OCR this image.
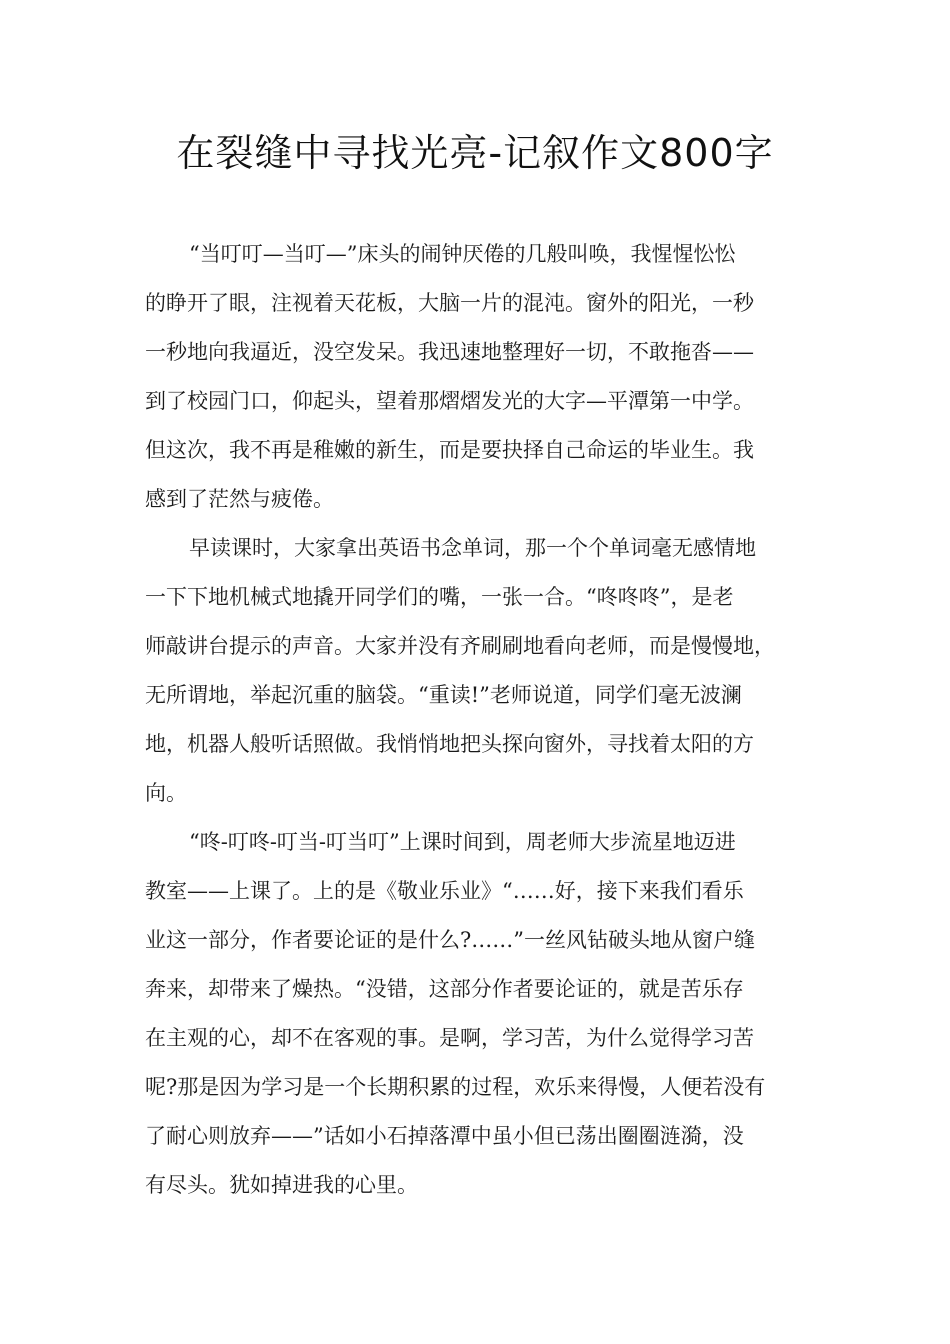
在裂缝中寻找光亮-记叙作文800字
“当叮叮—当叮—”床头的闹钟厌倦的几般叫唤，我惺惺忪忪
的睁开了眼，注视着天花板，大脑一片的混沌。窗外的阳光，一秒
一秒地向我逼近，没空发呆。我迅速地整理好一切，不敢拖沓——
到了校园门口，仰起头，望着那熠熠发光的大字—平潭第一中学。
但这次，我不再是稚嫩的新生，而是要抉择自己命运的毕业生。我
感到了茫然与疲倦。
早读课时，大家拿出英语书念单词，那一个个单词毫无感情地
一下下地机械式地撬开同学们的嘴，一张一合。“咚咚咚”，是老
师敲讲台提示的声音。大家并没有齐刷刷地看向老师，而是慢慢地，
无所谓地，举起沉重的脑袋。“重读!”老师说道，同学们毫无波澜
地，机器人般听话照做。我悄悄地把头探向窗外，寻找着太阳的方
向。
“咚-叮咚-叮当-叮当叮”上课时间到，周老师大步流星地迈进
教室——上课了。上的是《敬业乐业》“……好，接下来我们看乐
业这一部分，作者要论证的是什么?……”一丝风钻破头地从窗户缝
奔来，却带来了燥热。“没错，这部分作者要论证的，就是苦乐存
在主观的心，却不在客观的事。是啊，学习苦，为什么觉得学习苦
呢?那是因为学习是一个长期积累的过程，欢乐来得慢，人便若没有
了耐心则放弃——”话如小石掉落潭中虽小但已荡出圈圈涟漪，没
有尽头。犹如掉进我的心里。
